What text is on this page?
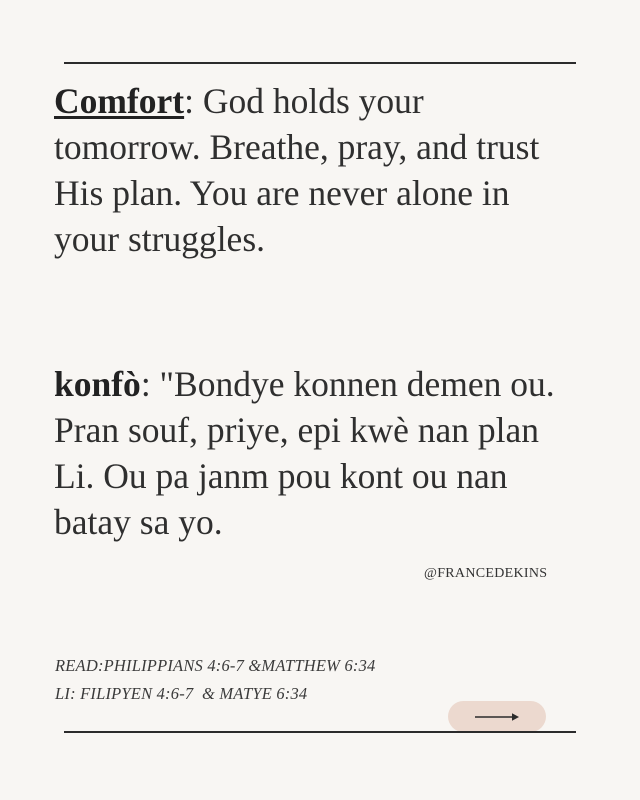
Comfort: God holds your tomorrow. Breathe, pray, and trust His plan. You are never alone in your struggles.
konfò: "Bondye konnen demen ou. Pran souf, priye, epi kwè nan plan Li. Ou pa janm pou kont ou nan batay sa yo.
@FRANCEDEKINS
READ:PHILIPPIANS 4:6-7 &MATTHEW 6:34
LI: FILIPYEN 4:6-7  & MATYE 6:34
